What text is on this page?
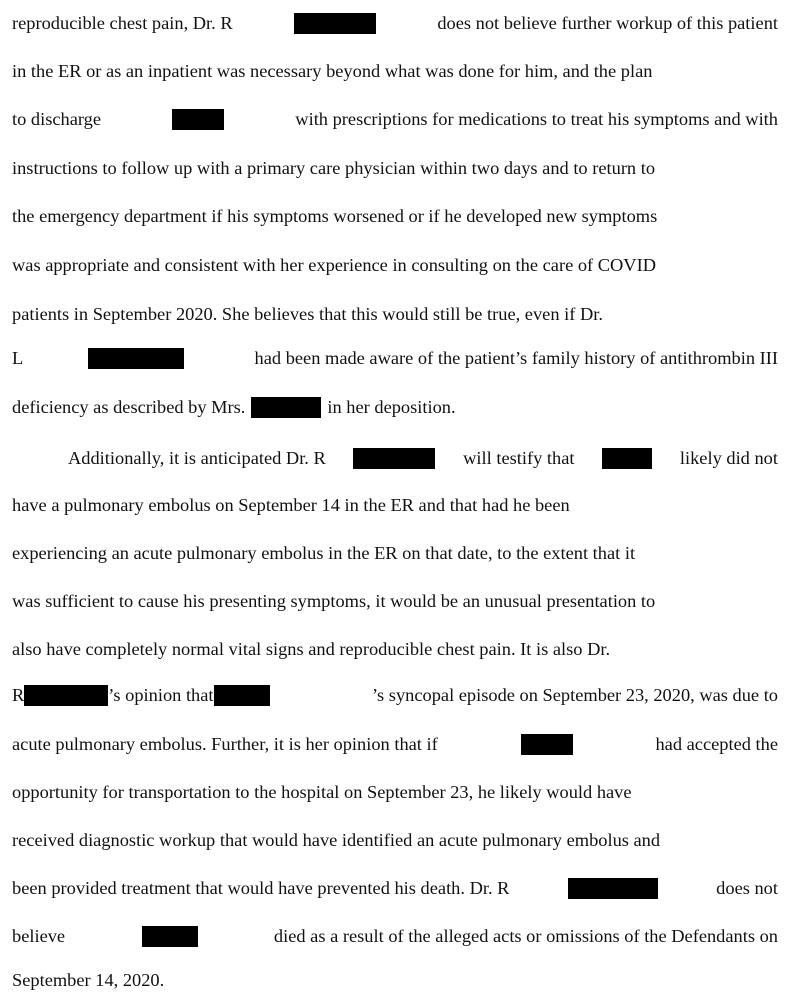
reproducible chest pain, Dr. R	does not believe further workup of this patient
in the ER or as an inpatient was necessary beyond what was done for him, and the plan
to discharge	with prescriptions for medications to treat his symptoms and with
instructions to follow up with a primary care physician within two days and to return to
the emergency department if his symptoms worsened or if he developed new symptoms
was appropriate and consistent with her experience in consulting on the care of COVID
patients in September 2020. She believes that this would still be true, even if Dr.
L	had been made aware of the patient’s family history of antithrombin III
deficiency as described by Mrs.	in her deposition.
Additionally, it is anticipated Dr. R	will testify that	likely did not
have a pulmonary embolus on September 14 in the ER and that had he been
experiencing an acute pulmonary embolus in the ER on that date, to the extent that it
was sufficient to cause his presenting symptoms, it would be an unusual presentation to
also have completely normal vital signs and reproducible chest pain. It is also Dr.
R	’s opinion that	’s syncopal episode on September 23, 2020, was due to
acute pulmonary embolus. Further, it is her opinion that if	had accepted the
opportunity for transportation to the hospital on September 23, he likely would have
received diagnostic workup that would have identified an acute pulmonary embolus and
been provided treatment that would have prevented his death. Dr. R	does not
believe	died as a result of the alleged acts or omissions of the Defendants on
September 14, 2020.
